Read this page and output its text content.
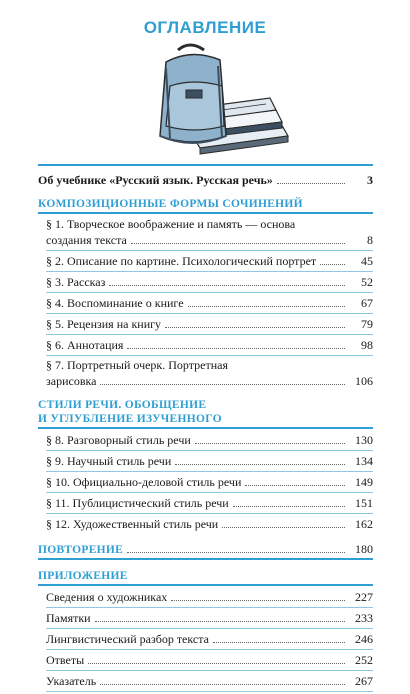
ОГЛАВЛЕНИЕ
Об учебнике «Русский язык. Русская речь»	3
КОМПОЗИЦИОННЫЕ ФОРМЫ СОЧИНЕНИЙ
§ 1. Творческое воображение и память — основа
создания текста	8
§ 2. Описание по картине. Психологический портрет	45
§ 3. Рассказ	52
§ 4. Воспоминание о книге	67
§ 5. Рецензия на книгу	79
§ 6. Аннотация	98
§ 7. Портретный очерк. Портретная
зарисовка	106
СТИЛИ РЕЧИ. ОБОБЩЕНИЕ
И УГЛУБЛЕНИЕ ИЗУЧЕННОГО
§ 8. Разговорный стиль речи	130
§ 9. Научный стиль речи	134
§ 10. Официально-деловой стиль речи	149
§ 11. Публицистический стиль речи	151
§ 12. Художественный стиль речи	162
ПОВТОРЕНИЕ	180
ПРИЛОЖЕНИЕ
Сведения о художниках	227
Памятки	233
Лингвистический разбор текста	246
Ответы	252
Указатель	267
